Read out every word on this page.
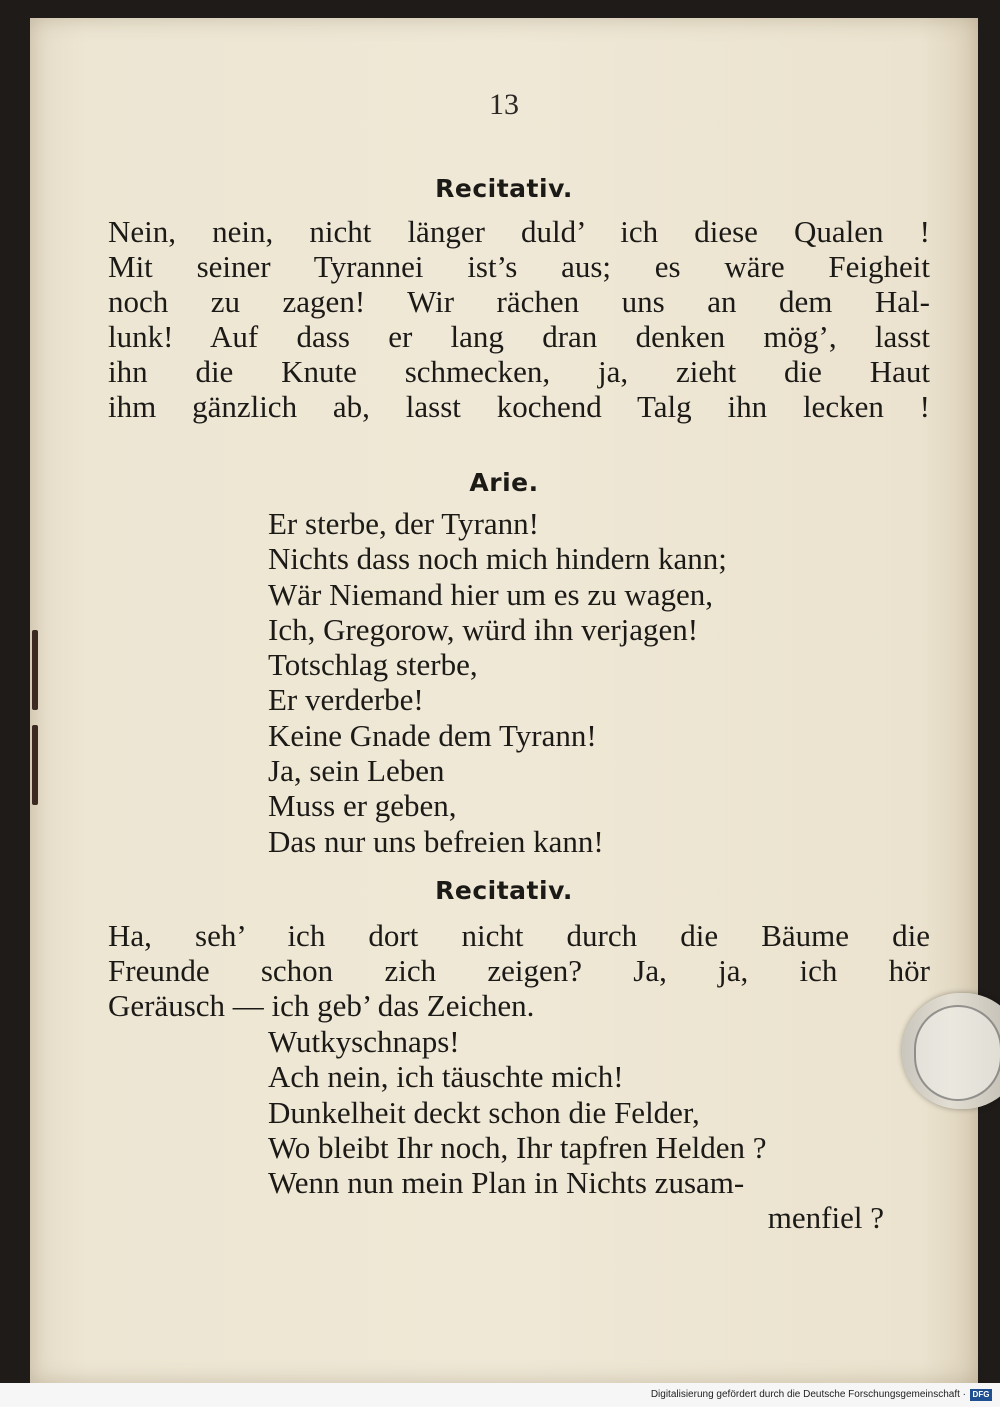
13
Recitativ.
Nein, nein, nicht länger duld’ ich diese Qualen !
Mit seiner Tyrannei ist’s aus; es wäre Feigheit
noch zu zagen! Wir rächen uns an dem Hal-
lunk! Auf dass er lang dran denken mög’, lasst
ihn die Knute schmecken, ja, zieht die Haut
ihm gänzlich ab, lasst kochend Talg ihn lecken !
Arie.
Er sterbe, der Tyrann!
Nichts dass noch mich hindern kann;
Wär Niemand hier um es zu wagen,
Ich, Gregorow, würd ihn verjagen!
Totschlag sterbe,
Er verderbe!
Keine Gnade dem Tyrann!
Ja, sein Leben
Muss er geben,
Das nur uns befreien kann!
Recitativ.
Ha, seh’ ich dort nicht durch die Bäume die
Freunde schon zich zeigen? Ja, ja, ich hör
Geräusch — ich geb’ das Zeichen.
Wutkyschnaps!
Ach nein, ich täuschte mich!
Dunkelheit deckt schon die Felder,
Wo bleibt Ihr noch, Ihr tapfren Helden ?
Wenn nun mein Plan in Nichts zusam-
menfiel ?
Digitalisierung gefördert durch die Deutsche Forschungsgemeinschaft · DFG
